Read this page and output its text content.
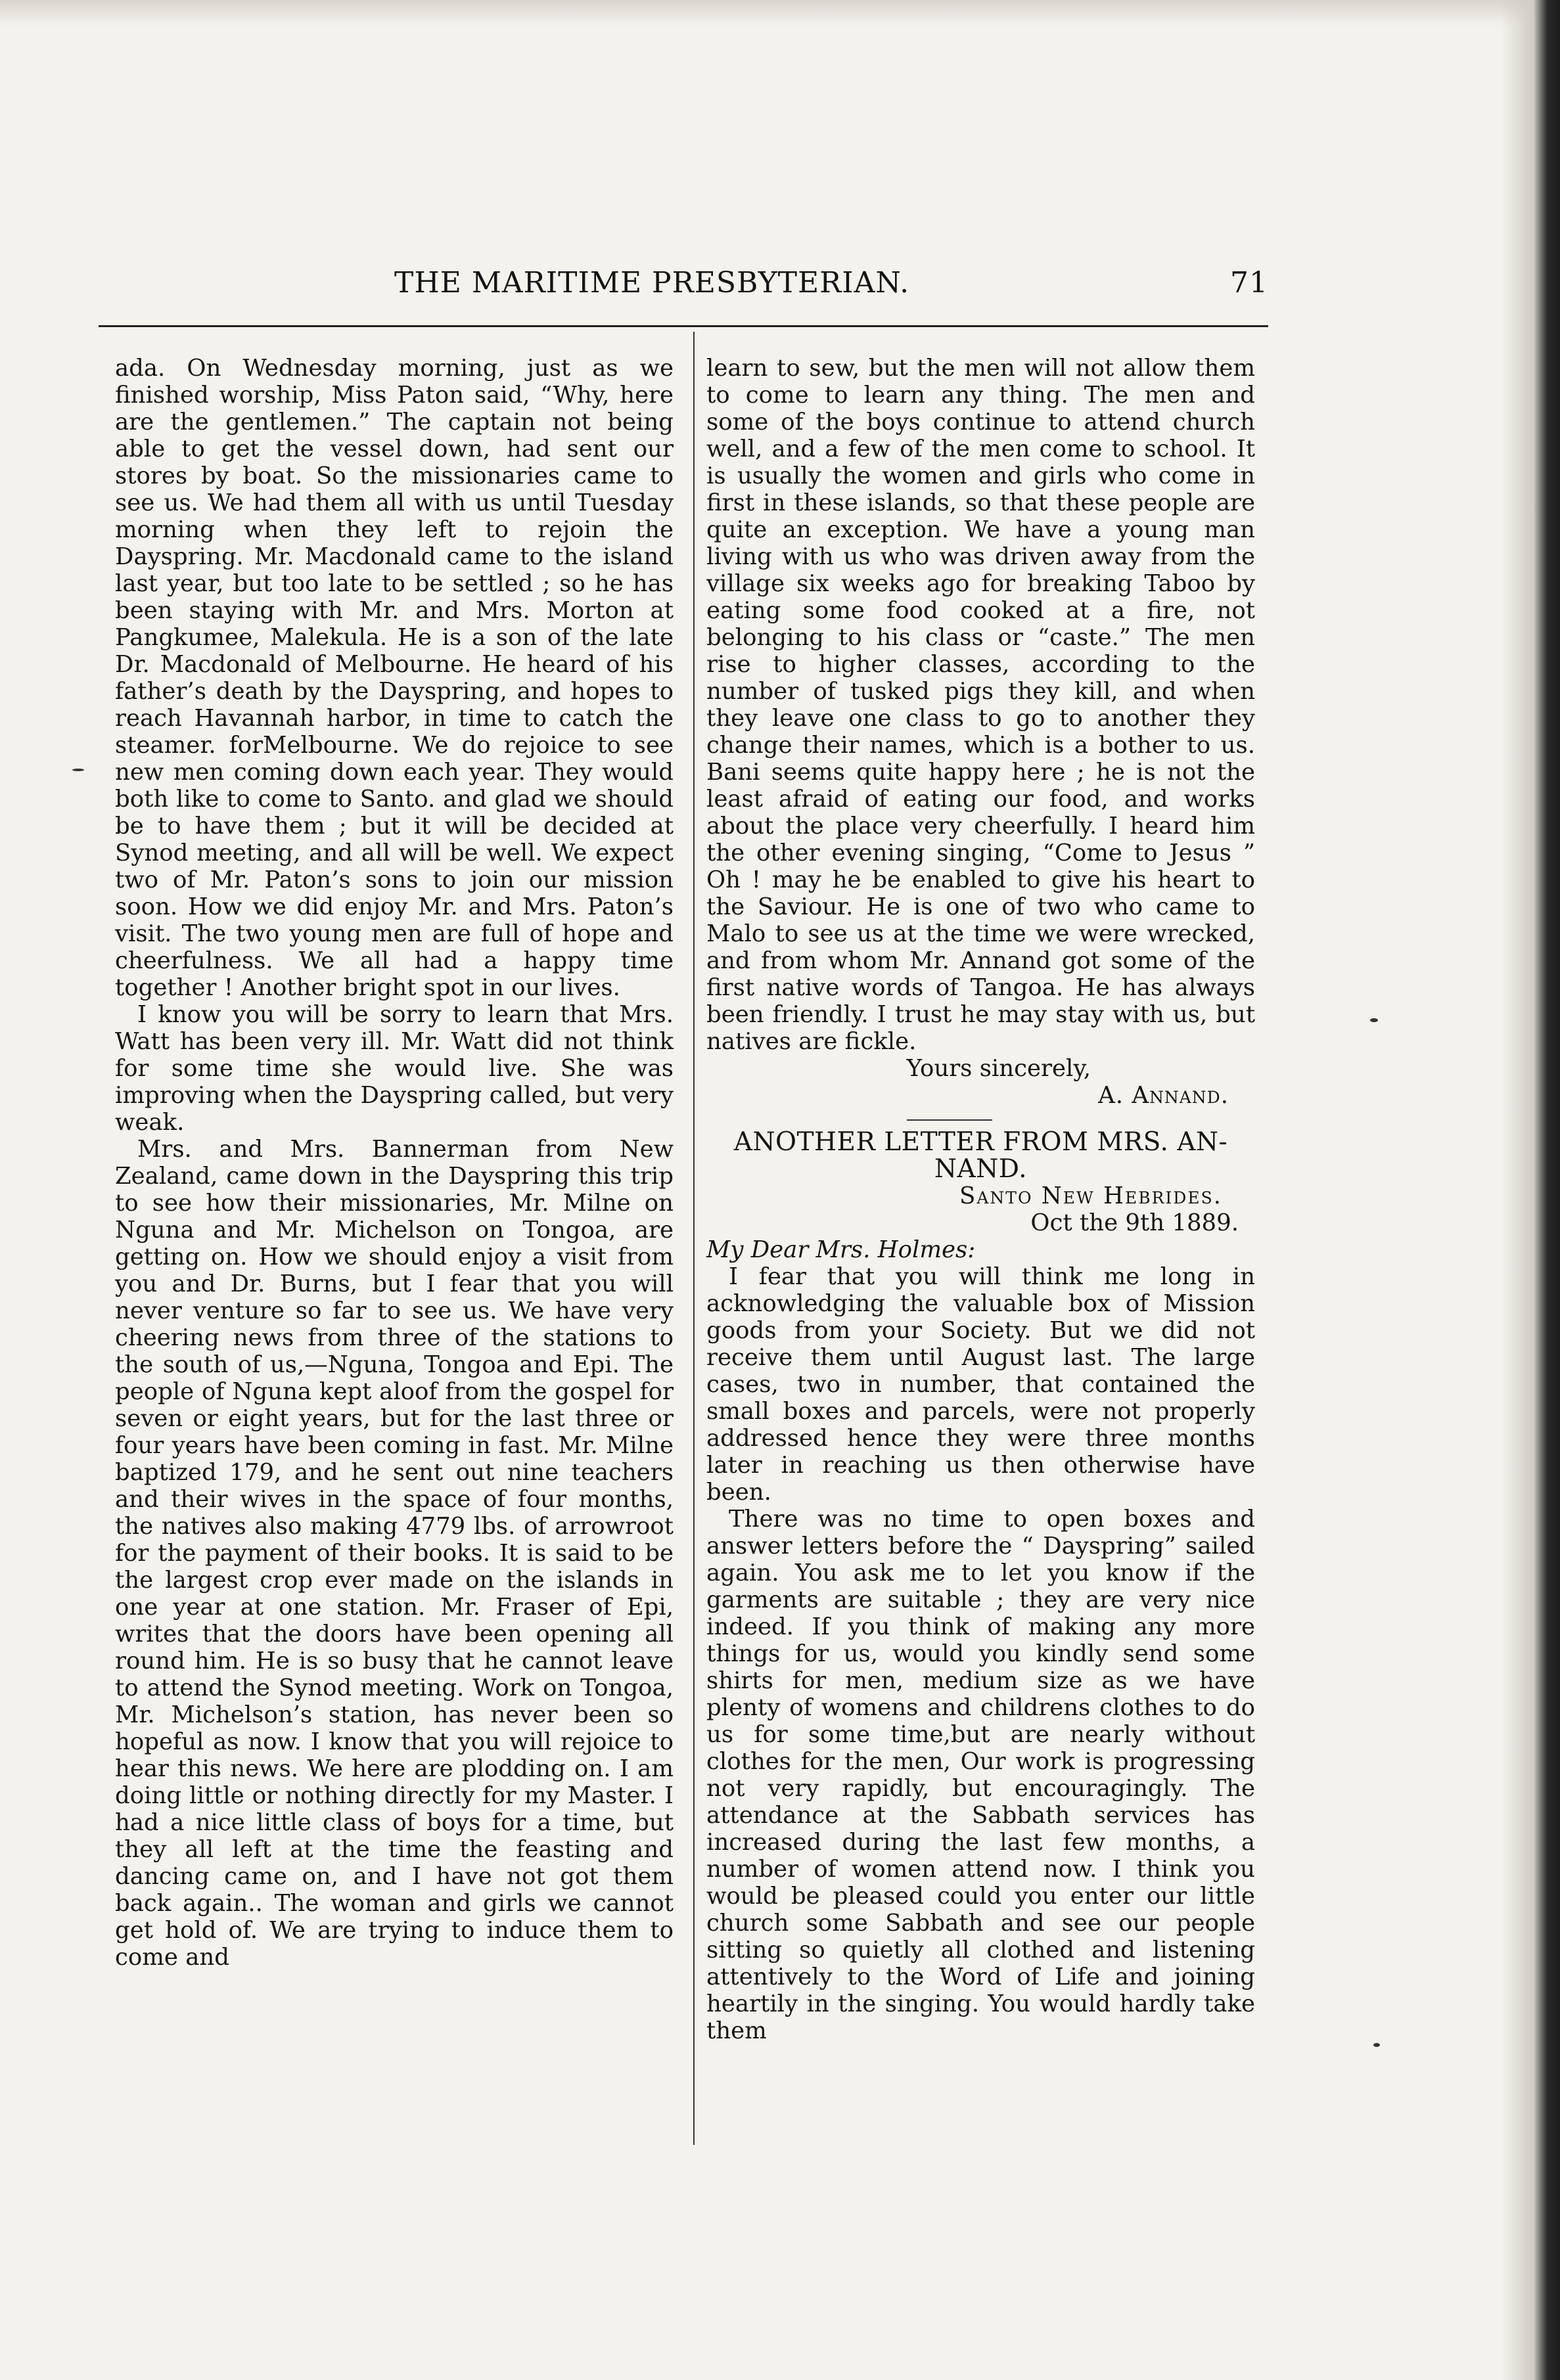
THE MARITIME PRESBYTERIAN.	71

ada. On Wednesday morning, just as we finished worship, Miss Paton said, “Why, here are the gentlemen.” The captain not being able to get the vessel down, had sent our stores by boat. So the missionaries came to see us. We had them all with us until Tuesday morning when they left to rejoin the Dayspring. Mr. Macdonald came to the island last year, but too late to be settled ; so he has been staying with Mr. and Mrs. Morton at Pangkumee, Malekula. He is a son of the late Dr. Macdonald of Melbourne. He heard of his father’s death by the Dayspring, and hopes to reach Havannah harbor, in time to catch the steamer. forMelbourne. We do rejoice to see new men coming down each year. They would both like to come to Santo. and glad we should be to have them ; but it will be decided at Synod meeting, and all will be well. We expect two of Mr. Paton’s sons to join our mission soon. How we did enjoy Mr. and Mrs. Paton’s visit. The two young men are full of hope and cheerfulness. We all had a happy time together ! Another bright spot in our lives.

I know you will be sorry to learn that Mrs. Watt has been very ill. Mr. Watt did not think for some time she would live. She was improving when the Dayspring called, but very weak.

Mrs. and Mrs. Bannerman from New Zealand, came down in the Dayspring this trip to see how their missionaries, Mr. Milne on Nguna and Mr. Michelson on Tongoa, are getting on. How we should enjoy a visit from you and Dr. Burns, but I fear that you will never venture so far to see us. We have very cheering news from three of the stations to the south of us,—Nguna, Tongoa and Epi. The people of Nguna kept aloof from the gospel for seven or eight years, but for the last three or four years have been coming in fast. Mr. Milne baptized 179, and he sent out nine teachers and their wives in the space of four months, the natives also making 4779 lbs. of arrowroot for the payment of their books. It is said to be the largest crop ever made on the islands in one year at one station. Mr. Fraser of Epi, writes that the doors have been opening all round him. He is so busy that he cannot leave to attend the Synod meeting. Work on Tongoa, Mr. Michelson’s station, has never been so hopeful as now. I know that you will rejoice to hear this news. We here are plodding on. I am doing little or nothing directly for my Master. I had a nice little class of boys for a time, but they all left at the time the feasting and dancing came on, and I have not got them back again.. The woman and girls we cannot get hold of. We are trying to induce them to come and

learn to sew, but the men will not allow them to come to learn any thing. The men and some of the boys continue to attend church well, and a few of the men come to school. It is usually the women and girls who come in first in these islands, so that these people are quite an exception. We have a young man living with us who was driven away from the village six weeks ago for breaking Taboo by eating some food cooked at a fire, not belonging to his class or “caste.” The men rise to higher classes, according to the number of tusked pigs they kill, and when they leave one class to go to another they change their names, which is a bother to us. Bani seems quite happy here ; he is not the least afraid of eating our food, and works about the place very cheerfully. I heard him the other evening singing, “Come to Jesus ” Oh ! may he be enabled to give his heart to the Saviour. He is one of two who came to Malo to see us at the time we were wrecked, and from whom Mr. Annand got some of the first native words of Tangoa. He has always been friendly. I trust he may stay with us, but natives are fickle.

Yours sincerely,

A. Annand.

ANOTHER LETTER FROM MRS. AN- NAND.

Santo New Hebrides.

Oct the 9th 1889.

My Dear Mrs. Holmes:

I fear that you will think me long in acknowledging the valuable box of Mission goods from your Society. But we did not receive them until August last. The large cases, two in number, that contained the small boxes and parcels, were not properly addressed hence they were three months later in reaching us then otherwise have been.

There was no time to open boxes and answer letters before the “ Dayspring” sailed again. You ask me to let you know if the garments are suitable ; they are very nice indeed. If you think of making any more things for us, would you kindly send some shirts for men, medium size as we have plenty of womens and childrens clothes to do us for some time,but are nearly without clothes for the men, Our work is progressing not very rapidly, but encouragingly. The attendance at the Sabbath services has increased during the last few months, a number of women attend now. I think you would be pleased could you enter our little church some Sabbath and see our people sitting so quietly all clothed and listening attentively to the Word of Life and joining heartily in the singing. You would hardly take them
